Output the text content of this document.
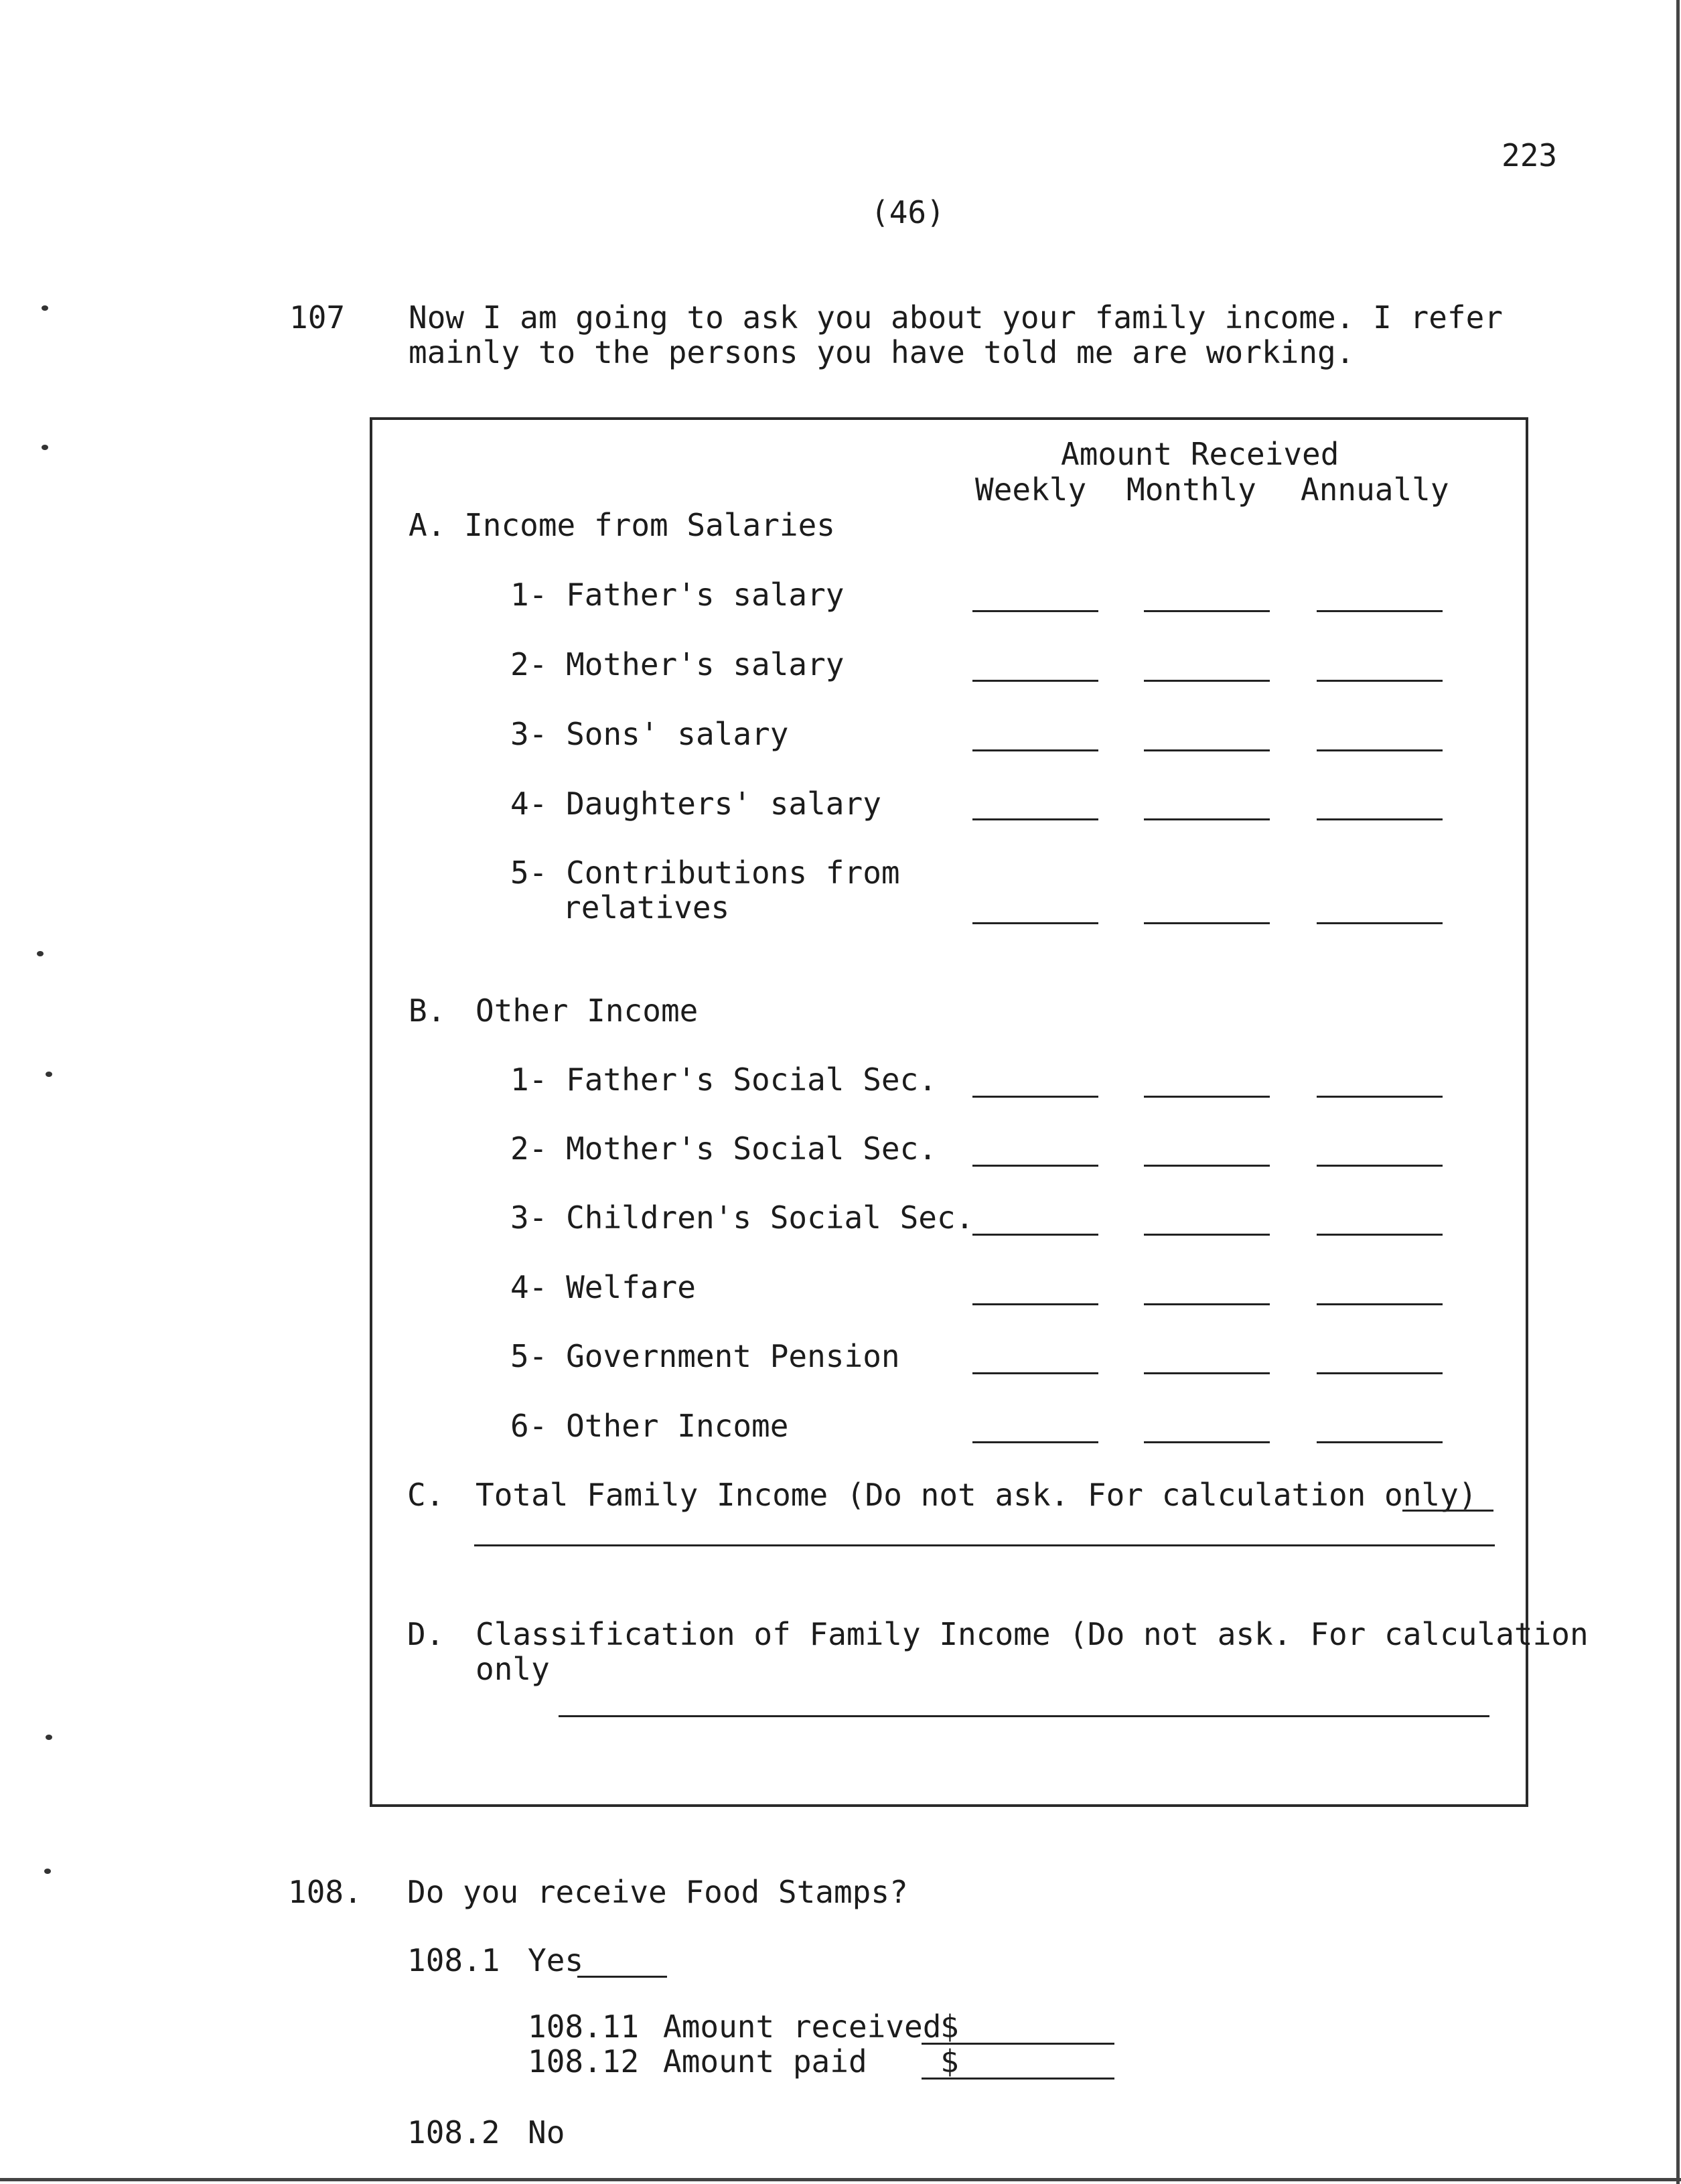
223
(46)
107 Now I am going to ask you about your family income. I refer
mainly to the persons you have told me are working.
Amount Received
Weekly Monthly Annually
A. Income from Salaries
1- Father's salary
2- Mother's salary
3- Sons' salary
4- Daughters' salary
5- Contributions from
relatives
B. Other Income
1- Father's Social Sec.
2- Mother's Social Sec.
3- Children's Social Sec.
4- Welfare
5- Government Pension
6- Other Income
C. Total Family Income (Do not ask. For calculation only)
D. Classification of Family Income (Do not ask. For calculation
only
108. Do you receive Food Stamps?
108.1 Yes
108.11 Amount received
$
108.12 Amount paid $
108.2 No
